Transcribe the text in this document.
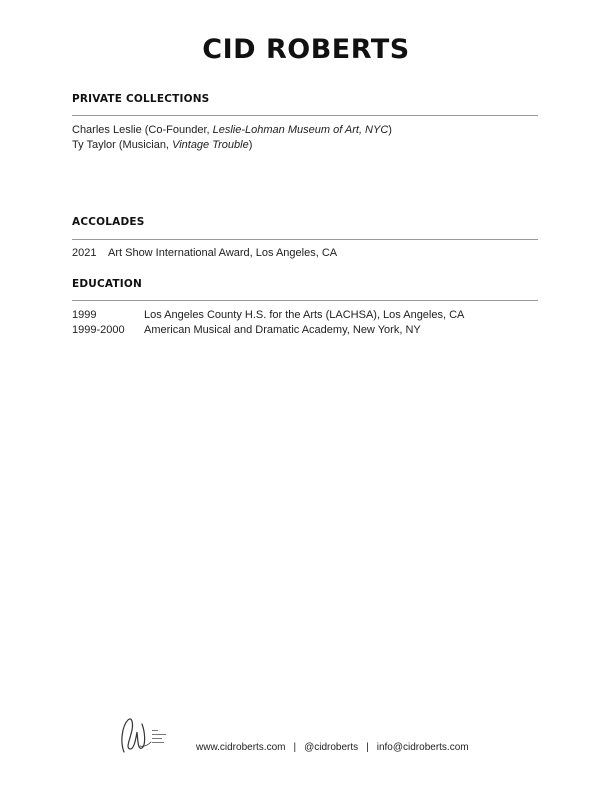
CID ROBERTS
PRIVATE COLLECTIONS
Charles Leslie (Co-Founder, Leslie-Lohman Museum of Art, NYC)
Ty Taylor (Musician, Vintage Trouble)
ACCOLADES
2021 Art Show International Award, Los Angeles, CA
EDUCATION
1999	Los Angeles County H.S. for the Arts (LACHSA), Los Angeles, CA
1999-2000 American Musical and Dramatic Academy, New York, NY
www.cidroberts.com | @cidroberts | info@cidroberts.com
